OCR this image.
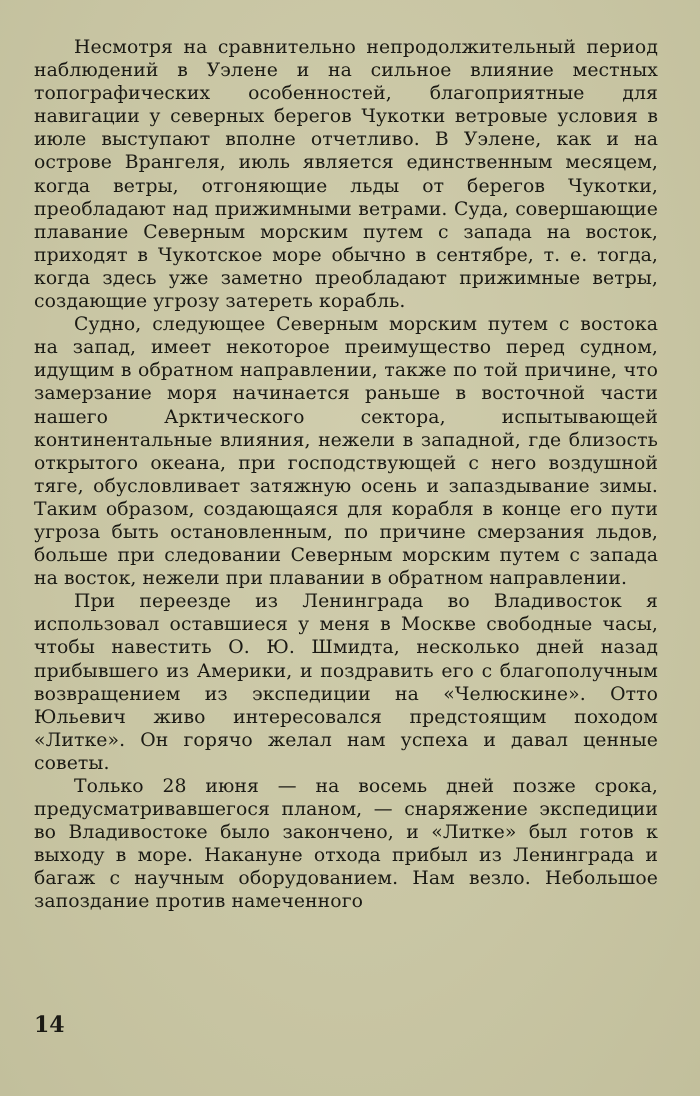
Несмотря на сравнительно непродолжительный период наблюдений в Уэлене и на сильное влияние местных топографических особенностей, благоприятные для навигации у северных берегов Чукотки ветровые условия в июле выступают вполне отчетливо. В Уэлене, как и на острове Врангеля, июль является единственным месяцем, когда ветры, отгоняющие льды от берегов Чукотки, преобладают над прижимными ветрами. Суда, совершающие плавание Северным морским путем с запада на восток, приходят в Чукотское море обычно в сентябре, т. е. тогда, когда здесь уже заметно преобладают прижимные ветры, создающие угрозу затереть корабль.

Судно, следующее Северным морским путем с востока на запад, имеет некоторое преимущество перед судном, идущим в обратном направлении, также по той причине, что замерзание моря начинается раньше в восточной части нашего Арктического сектора, испытывающей континентальные влияния, нежели в западной, где близость открытого океана, при господствующей с него воздушной тяге, обусловливает затяжную осень и запаздывание зимы. Таким образом, создающаяся для корабля в конце его пути угроза быть остановленным, по причине смерзания льдов, больше при следовании Северным морским путем с запада на восток, нежели при плавании в обратном направлении.

При переезде из Ленинграда во Владивосток я использовал оставшиеся у меня в Москве свободные часы, чтобы навестить О. Ю. Шмидта, несколько дней назад прибывшего из Америки, и поздравить его с благополучным возвращением из экспедиции на «Челюскине». Отто Юльевич живо интересовался предстоящим походом «Литке». Он горячо желал нам успеха и давал ценные советы.

Только 28 июня — на восемь дней позже срока, предусматривавшегося планом, — снаряжение экспедиции во Владивостоке было закончено, и «Литке» был готов к выходу в море. Накануне отхода прибыл из Ленинграда и багаж с научным оборудованием. Нам везло. Небольшое запоздание против намеченного

14
